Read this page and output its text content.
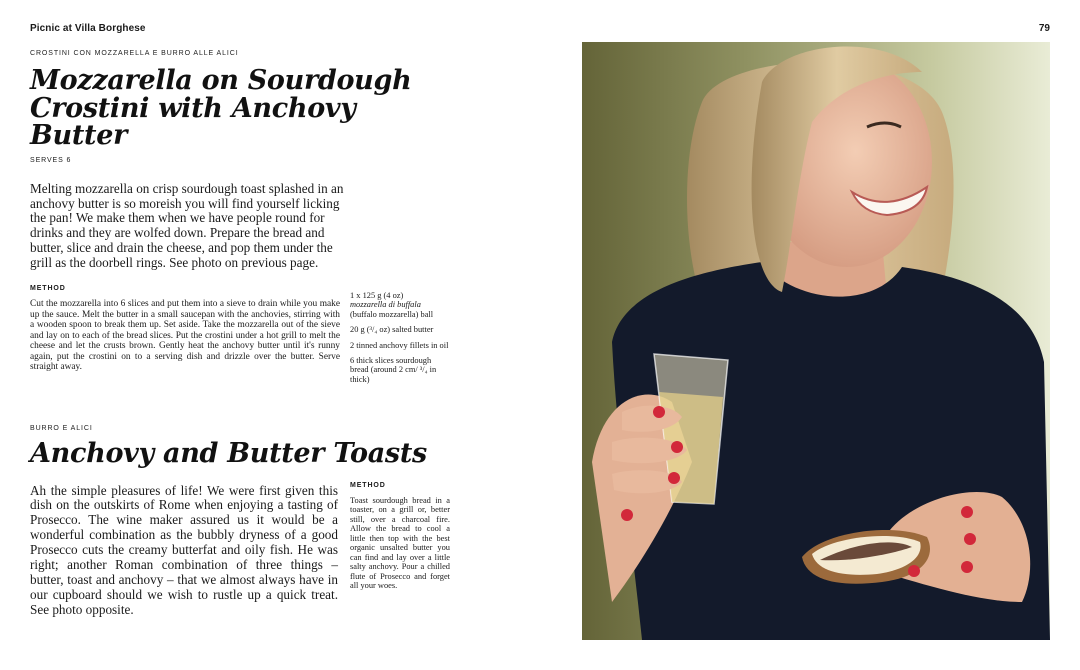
Picnic at Villa Borghese	79
CROSTINI CON MOZZARELLA E BURRO ALLE ALICI
Mozzarella on Sourdough Crostini with Anchovy Butter
SERVES 6

Melting mozzarella on crisp sourdough toast splashed in an anchovy butter is so moreish you will find yourself licking the pan! We make them when we have people round for drinks and they are wolfed down. Prepare the bread and butter, slice and drain the cheese, and pop them under the grill as the doorbell rings. See photo on previous page.

METHOD

Cut the mozzarella into 6 slices and put them into a sieve to drain while you make up the sauce. Melt the butter in a small saucepan with the anchovies, stirring with a wooden spoon to break them up. Set aside. Take the mozzarella out of the sieve and lay on to each of the bread slices. Put the crostini under a hot grill to melt the cheese and let the crusts brown. Gently heat the anchovy butter until it's runny again, put the crostini on to a serving dish and drizzle over the butter. Serve straight away.

1 x 125 g (4 oz)
mozzarella di buffala
(buffalo mozzarella) ball
20 g (³/₄ oz) salted butter
2 tinned anchovy fillets in oil
6 thick slices sourdough bread (around 2 cm/ ³/₄ in thick)
BURRO E ALICI
Anchovy and Butter Toasts

Ah the simple pleasures of life! We were first given this dish on the outskirts of Rome when enjoying a tasting of Prosecco. The wine maker assured us it would be a wonderful combination as the bubbly dryness of a good Prosecco cuts the creamy butterfat and oily fish. He was right; another Roman combination of three things – butter, toast and anchovy – that we almost always have in our cupboard should we wish to rustle up a quick treat. See photo opposite.

METHOD

Toast sourdough bread in a toaster, on a grill or, better still, over a charcoal fire. Allow the bread to cool a little then top with the best organic unsalted butter you can find and lay over a little salty anchovy. Pour a chilled flute of Prosecco and forget all your woes.
